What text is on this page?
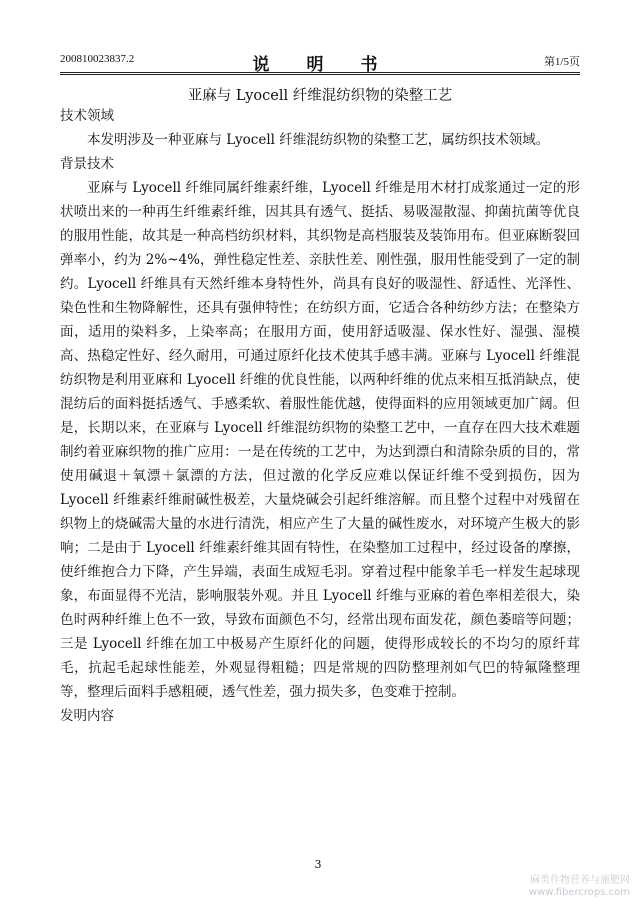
200810023837.2	说　明　书	第1/5页
亚麻与 Lyocell 纤维混纺织物的染整工艺

技术领域

本发明涉及一种亚麻与 Lyocell 纤维混纺织物的染整工艺，属纺织技术领域。

背景技术

亚麻与 Lyocell 纤维同属纤维素纤维，Lyocell 纤维是用木材打成浆通过一定的形状喷出来的一种再生纤维素纤维，因其具有透气、挺括、易吸湿散湿、抑菌抗菌等优良的服用性能，故其是一种高档纺织材料，其织物是高档服装及装饰用布。但亚麻断裂回弹率小，约为 2%~4%，弹性稳定性差、亲肤性差、刚性强，服用性能受到了一定的制约。Lyocell 纤维具有天然纤维本身特性外，尚具有良好的吸湿性、舒适性、光泽性、染色性和生物降解性，还具有强伸特性；在纺织方面，它适合各种纺纱方法；在整染方面，适用的染料多，上染率高；在服用方面，使用舒适吸湿、保水性好、湿强、湿模高、热稳定性好、经久耐用，可通过原纤化技术使其手感丰满。亚麻与 Lyocell 纤维混纺织物是利用亚麻和 Lyocell 纤维的优良性能，以两种纤维的优点来相互抵消缺点，使混纺后的面料挺括透气、手感柔软、着服性能优越，使得面料的应用领域更加广阔。但是，长期以来，在亚麻与 Lyocell 纤维混纺织物的染整工艺中，一直存在四大技术难题制约着亚麻织物的推广应用：一是在传统的工艺中，为达到漂白和清除杂质的目的，常使用碱退＋氧漂＋氯漂的方法，但过激的化学反应难以保证纤维不受到损伤，因为 Lyocell 纤维素纤维耐碱性极差，大量烧碱会引起纤维溶解。而且整个过程中对残留在织物上的烧碱需大量的水进行清洗，相应产生了大量的碱性废水，对环境产生极大的影响；二是由于 Lyocell 纤维素纤维其固有特性，在染整加工过程中，经过设备的摩擦，使纤维抱合力下降，产生异端，表面生成短毛羽。穿着过程中能象羊毛一样发生起球现象，布面显得不光洁，影响服装外观。并且 Lyocell 纤维与亚麻的着色率相差很大，染色时两种纤维上色不一致，导致布面颜色不匀，经常出现布面发花，颜色萎暗等问题；三是 Lyocell 纤维在加工中极易产生原纤化的问题，使得形成较长的不均匀的原纤茸毛，抗起毛起球性能差，外观显得粗糙；四是常规的四防整理剂如气巴的特氟隆整理等，整理后面料手感粗硬，透气性差，强力损失多，色变难于控制。

发明内容

3
麻类作物营养与施肥网
www.fibercrops.com
